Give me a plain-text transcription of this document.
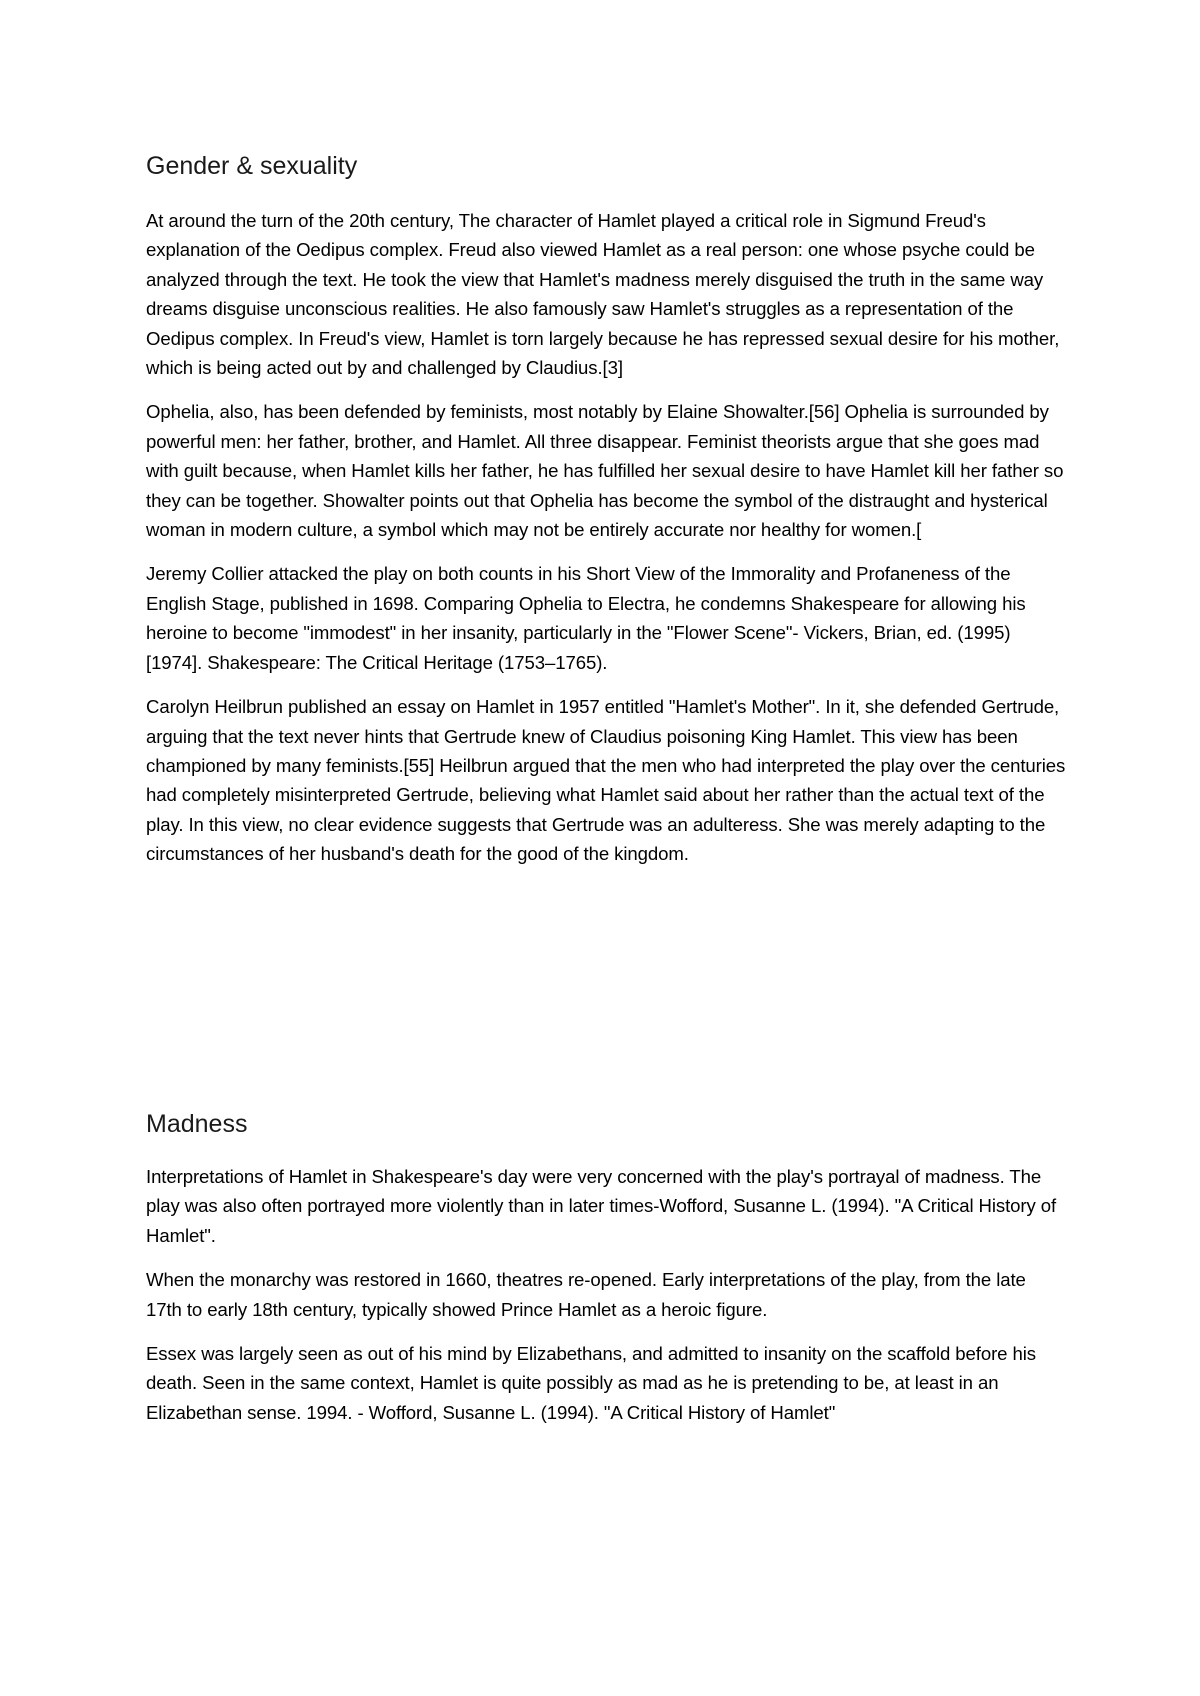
Gender & sexuality

At around the turn of the 20th century, The character of Hamlet played a critical role in Sigmund Freud's explanation of the Oedipus complex. Freud also viewed Hamlet as a real person: one whose psyche could be analyzed through the text. He took the view that Hamlet's madness merely disguised the truth in the same way dreams disguise unconscious realities. He also famously saw Hamlet's struggles as a representation of the Oedipus complex. In Freud's view, Hamlet is torn largely because he has repressed sexual desire for his mother, which is being acted out by and challenged by Claudius.[3]

Ophelia, also, has been defended by feminists, most notably by Elaine Showalter.[56] Ophelia is surrounded by powerful men: her father, brother, and Hamlet. All three disappear. Feminist theorists argue that she goes mad with guilt because, when Hamlet kills her father, he has fulfilled her sexual desire to have Hamlet kill her father so they can be together. Showalter points out that Ophelia has become the symbol of the distraught and hysterical woman in modern culture, a symbol which may not be entirely accurate nor healthy for women.[

Jeremy Collier attacked the play on both counts in his Short View of the Immorality and Profaneness of the English Stage, published in 1698. Comparing Ophelia to Electra, he condemns Shakespeare for allowing his heroine to become "immodest" in her insanity, particularly in the "Flower Scene"- Vickers, Brian, ed. (1995) [1974]. Shakespeare: The Critical Heritage (1753–1765).

Carolyn Heilbrun published an essay on Hamlet in 1957 entitled "Hamlet's Mother". In it, she defended Gertrude, arguing that the text never hints that Gertrude knew of Claudius poisoning King Hamlet. This view has been championed by many feminists.[55] Heilbrun argued that the men who had interpreted the play over the centuries had completely misinterpreted Gertrude, believing what Hamlet said about her rather than the actual text of the play. In this view, no clear evidence suggests that Gertrude was an adulteress. She was merely adapting to the circumstances of her husband's death for the good of the kingdom.

Madness

Interpretations of Hamlet in Shakespeare's day were very concerned with the play's portrayal of madness. The play was also often portrayed more violently than in later times-Wofford, Susanne L. (1994). "A Critical History of Hamlet".

When the monarchy was restored in 1660, theatres re-opened. Early interpretations of the play, from the late 17th to early 18th century, typically showed Prince Hamlet as a heroic figure.

Essex was largely seen as out of his mind by Elizabethans, and admitted to insanity on the scaffold before his death. Seen in the same context, Hamlet is quite possibly as mad as he is pretending to be, at least in an Elizabethan sense. 1994. - Wofford, Susanne L. (1994). "A Critical History of Hamlet"
